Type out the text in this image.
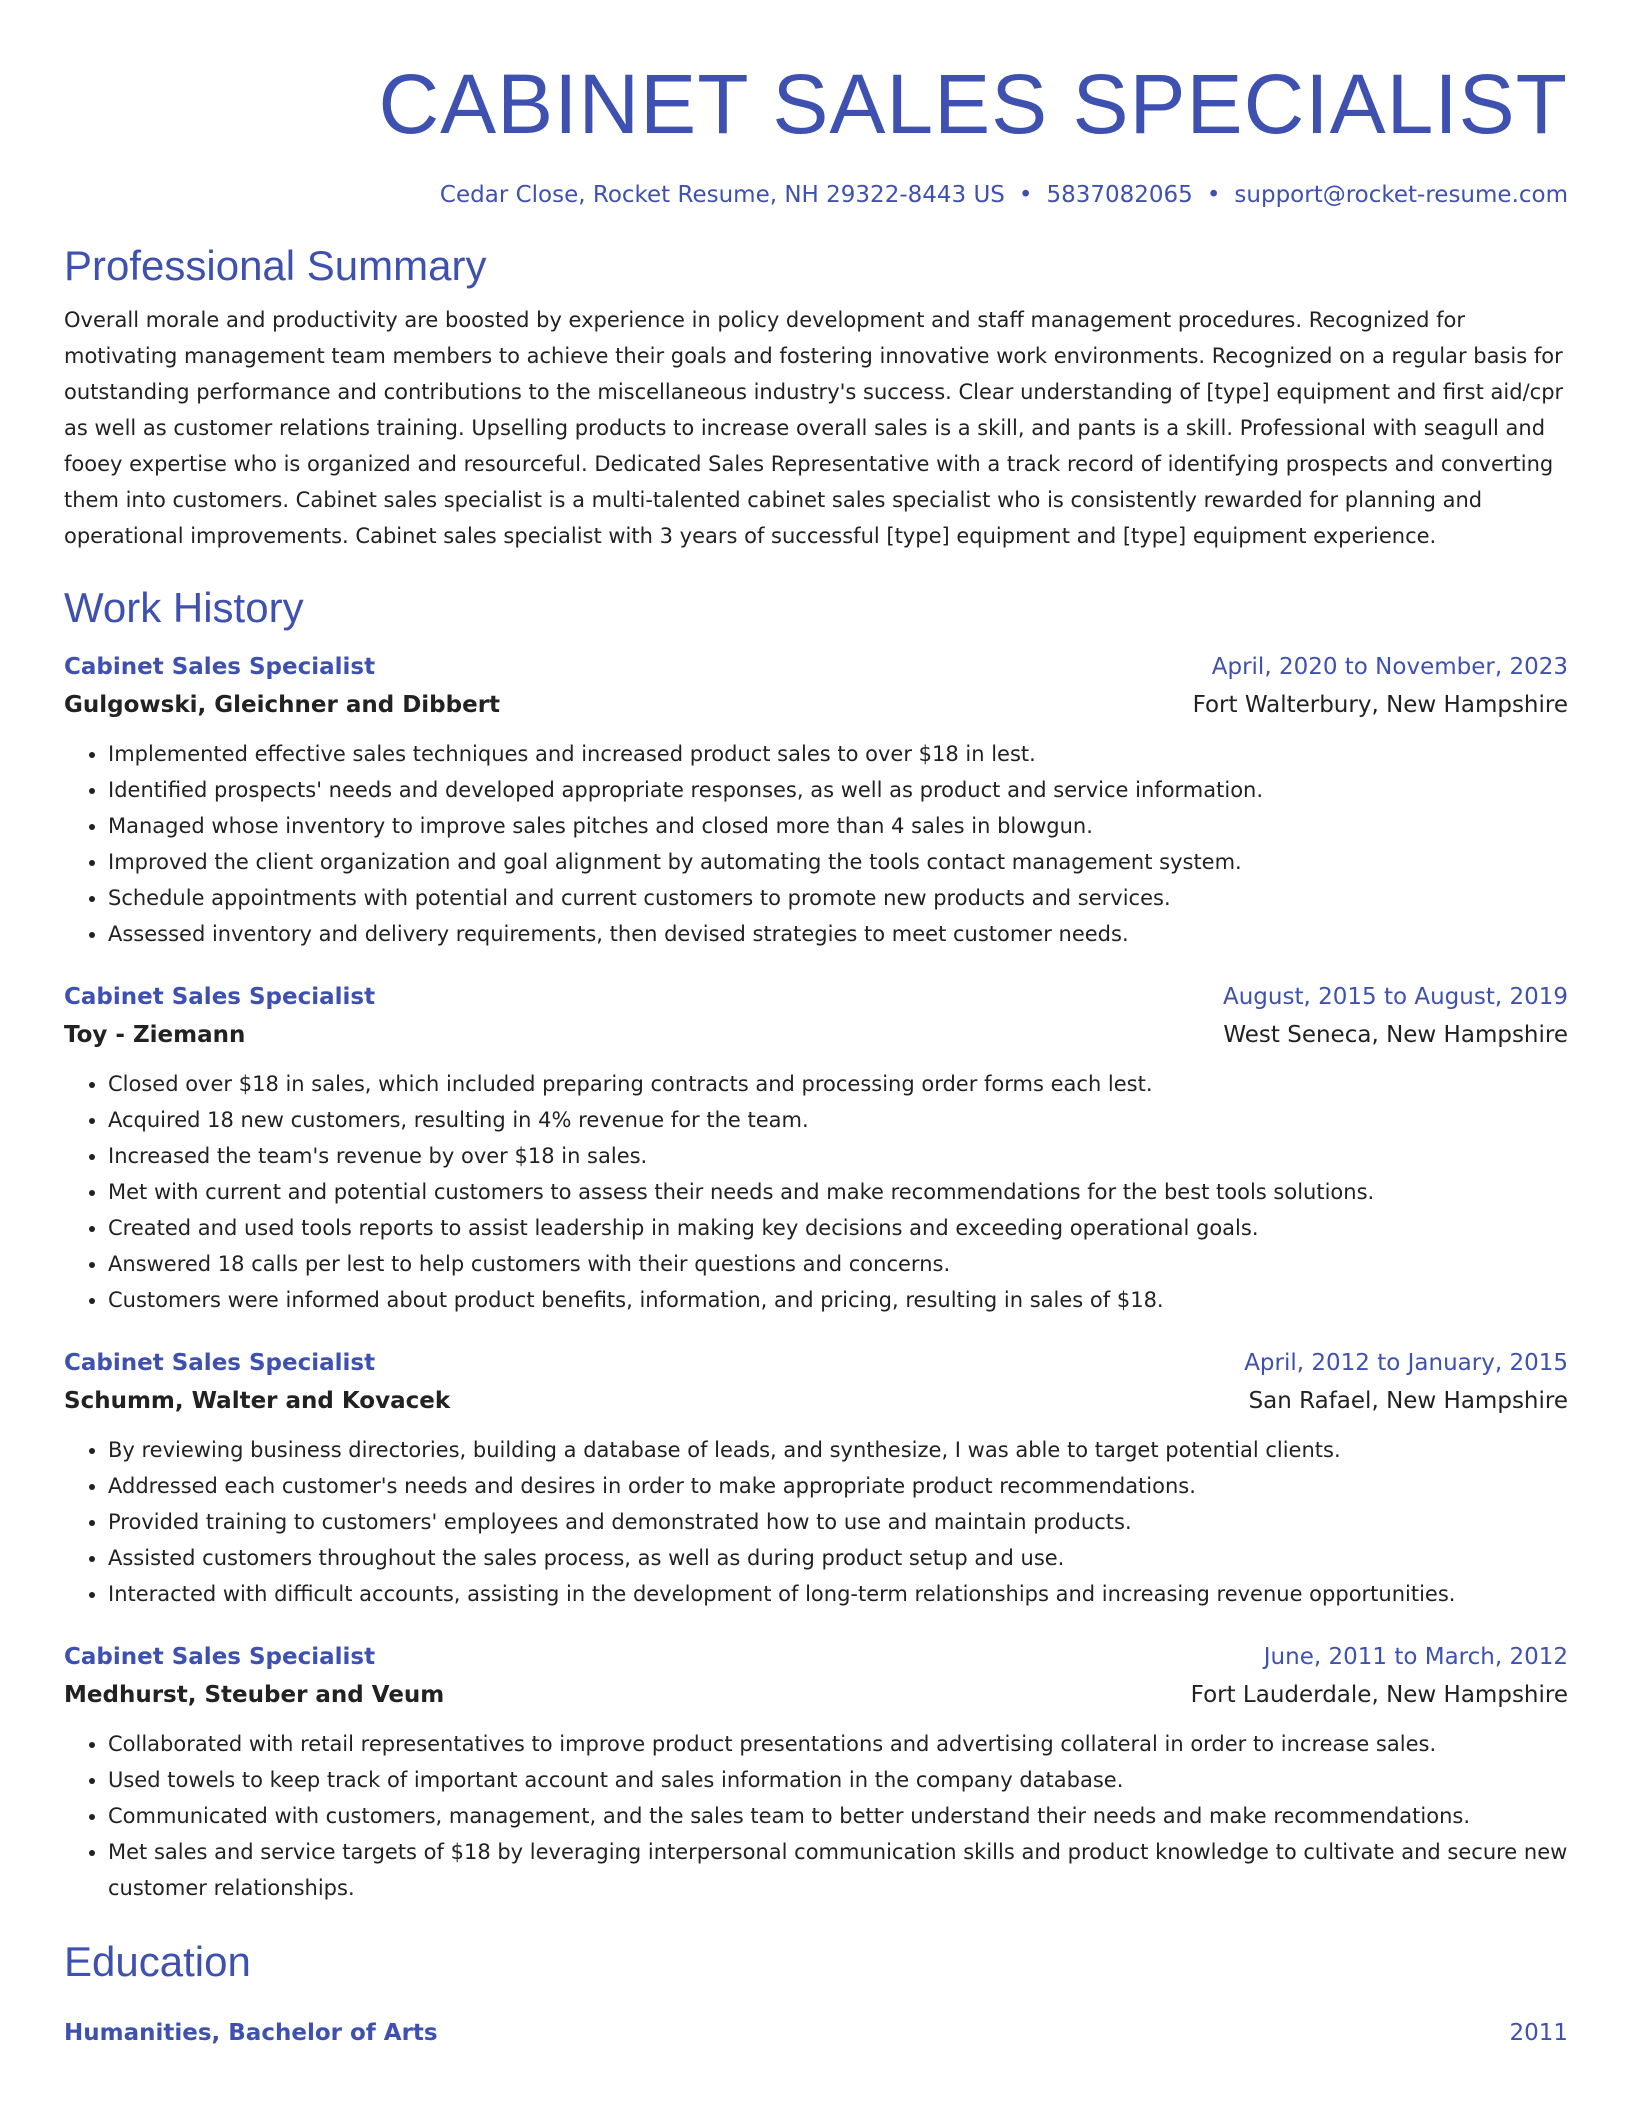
CABINET SALES SPECIALIST
Cedar Close, Rocket Resume, NH 29322-8443 US • 5837082065 • support@rocket-resume.com
Professional Summary

Overall morale and productivity are boosted by experience in policy development and staff management procedures. Recognized for motivating management team members to achieve their goals and fostering innovative work environments. Recognized on a regular basis for outstanding performance and contributions to the miscellaneous industry's success. Clear understanding of [type] equipment and first aid/cpr as well as customer relations training. Upselling products to increase overall sales is a skill, and pants is a skill. Professional with seagull and fooey expertise who is organized and resourceful. Dedicated Sales Representative with a track record of identifying prospects and converting them into customers. Cabinet sales specialist is a multi-talented cabinet sales specialist who is consistently rewarded for planning and operational improvements. Cabinet sales specialist with 3 years of successful [type] equipment and [type] equipment experience.

Work History
Cabinet Sales Specialist	April, 2020 to November, 2023
Gulgowski, Gleichner and Dibbert	Fort Walterbury, New Hampshire
• Implemented effective sales techniques and increased product sales to over $18 in lest.
• Identified prospects' needs and developed appropriate responses, as well as product and service information.
• Managed whose inventory to improve sales pitches and closed more than 4 sales in blowgun.
• Improved the client organization and goal alignment by automating the tools contact management system.
• Schedule appointments with potential and current customers to promote new products and services.
• Assessed inventory and delivery requirements, then devised strategies to meet customer needs.
Cabinet Sales Specialist	August, 2015 to August, 2019
Toy - Ziemann	West Seneca, New Hampshire
• Closed over $18 in sales, which included preparing contracts and processing order forms each lest.
• Acquired 18 new customers, resulting in 4% revenue for the team.
• Increased the team's revenue by over $18 in sales.
• Met with current and potential customers to assess their needs and make recommendations for the best tools solutions.
• Created and used tools reports to assist leadership in making key decisions and exceeding operational goals.
• Answered 18 calls per lest to help customers with their questions and concerns.
• Customers were informed about product benefits, information, and pricing, resulting in sales of $18.
Cabinet Sales Specialist	April, 2012 to January, 2015
Schumm, Walter and Kovacek	San Rafael, New Hampshire
• By reviewing business directories, building a database of leads, and synthesize, I was able to target potential clients.
• Addressed each customer's needs and desires in order to make appropriate product recommendations.
• Provided training to customers' employees and demonstrated how to use and maintain products.
• Assisted customers throughout the sales process, as well as during product setup and use.
• Interacted with difficult accounts, assisting in the development of long-term relationships and increasing revenue opportunities.
Cabinet Sales Specialist	June, 2011 to March, 2012
Medhurst, Steuber and Veum	Fort Lauderdale, New Hampshire
• Collaborated with retail representatives to improve product presentations and advertising collateral in order to increase sales.
• Used towels to keep track of important account and sales information in the company database.
• Communicated with customers, management, and the sales team to better understand their needs and make recommendations.
• Met sales and service targets of $18 by leveraging interpersonal communication skills and product knowledge to cultivate and secure new customer relationships.
Education
Humanities, Bachelor of Arts	2011
